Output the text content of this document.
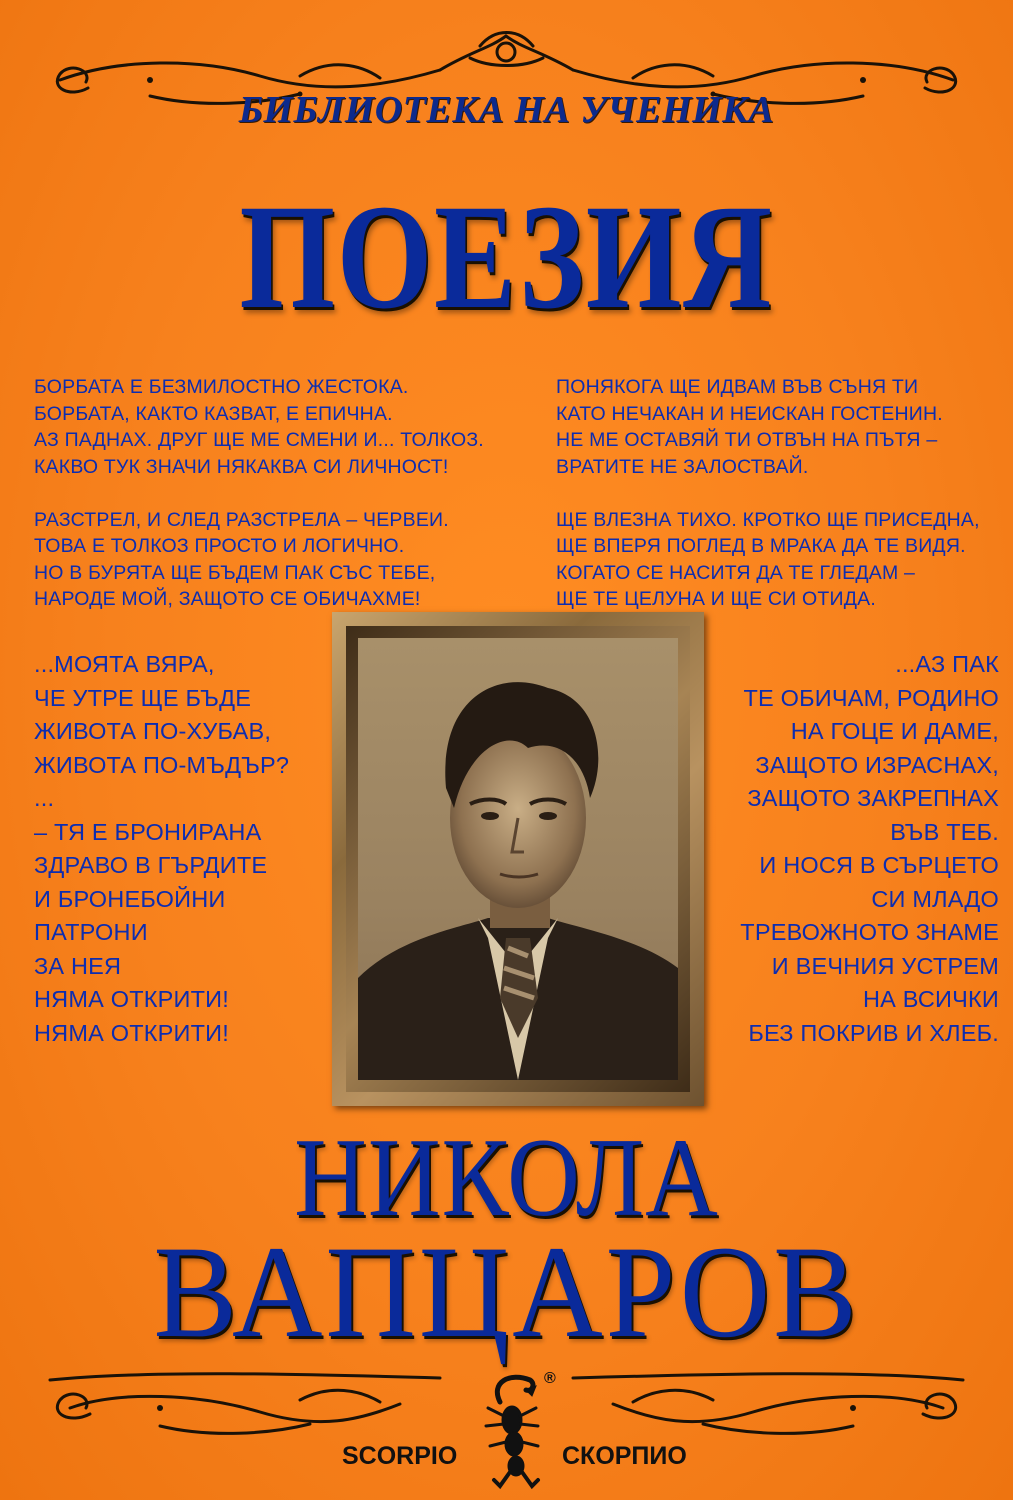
БИБЛИОТЕКА НА УЧЕНИКА
ПОЕЗИЯ
БОРБАТА Е БЕЗМИЛОСТНО ЖЕСТОКА.
БОРБАТА, КАКТО КАЗВАТ, Е ЕПИЧНА.
АЗ ПАДНАХ. ДРУГ ЩЕ МЕ СМЕНИ И... ТОЛКОЗ.
КАКВО ТУК ЗНАЧИ НЯКАКВА СИ ЛИЧНОСТ!

РАЗСТРЕЛ, И СЛЕД РАЗСТРЕЛА – ЧЕРВЕИ.
ТОВА Е ТОЛКОЗ ПРОСТО И ЛОГИЧНО.
НО В БУРЯТА ЩЕ БЪДЕМ ПАК СЪС ТЕБЕ,
НАРОДЕ МОЙ, ЗАЩОТО СЕ ОБИЧАХМЕ!
ПОНЯКОГА ЩЕ ИДВАМ ВЪВ СЪНЯ ТИ
КАТО НЕЧАКАН И НЕИСКАН ГОСТЕНИН.
НЕ МЕ ОСТАВЯЙ ТИ ОТВЪН НА ПЪТЯ –
ВРАТИТЕ НЕ ЗАЛОСТВАЙ.

ЩЕ ВЛЕЗНА ТИХО. КРОТКО ЩЕ ПРИСЕДНА,
ЩЕ ВПЕРЯ ПОГЛЕД В МРАКА ДА ТЕ ВИДЯ.
КОГАТО СЕ НАСИТЯ ДА ТЕ ГЛЕДАМ –
ЩЕ ТЕ ЦЕЛУНА И ЩЕ СИ ОТИДА.
...МОЯТА ВЯРА,
ЧЕ УТРЕ ЩЕ БЪДЕ
ЖИВОТА ПО-ХУБАВ,
ЖИВОТА ПО-МЪДЪР?
...
– ТЯ Е БРОНИРАНА
ЗДРАВО В ГЪРДИТЕ
И БРОНЕБОЙНИ
ПАТРОНИ
ЗА НЕЯ
НЯМА ОТКРИТИ!
НЯМА ОТКРИТИ!
...АЗ ПАК
ТЕ ОБИЧАМ, РОДИНО
НА ГОЦЕ И ДАМЕ,
ЗАЩОТО ИЗРАСНАХ,
ЗАЩОТО ЗАКРЕПНАХ
ВЪВ ТЕБ.
И НОСЯ В СЪРЦЕТО
СИ МЛАДО
ТРЕВОЖНОТО ЗНАМЕ
И ВЕЧНИЯ УСТРЕМ
НА ВСИЧКИ
БЕЗ ПОКРИВ И ХЛЕБ.
НИКОЛА
ВАПЦАРОВ
®
SCORPIO	СКОРПИО
